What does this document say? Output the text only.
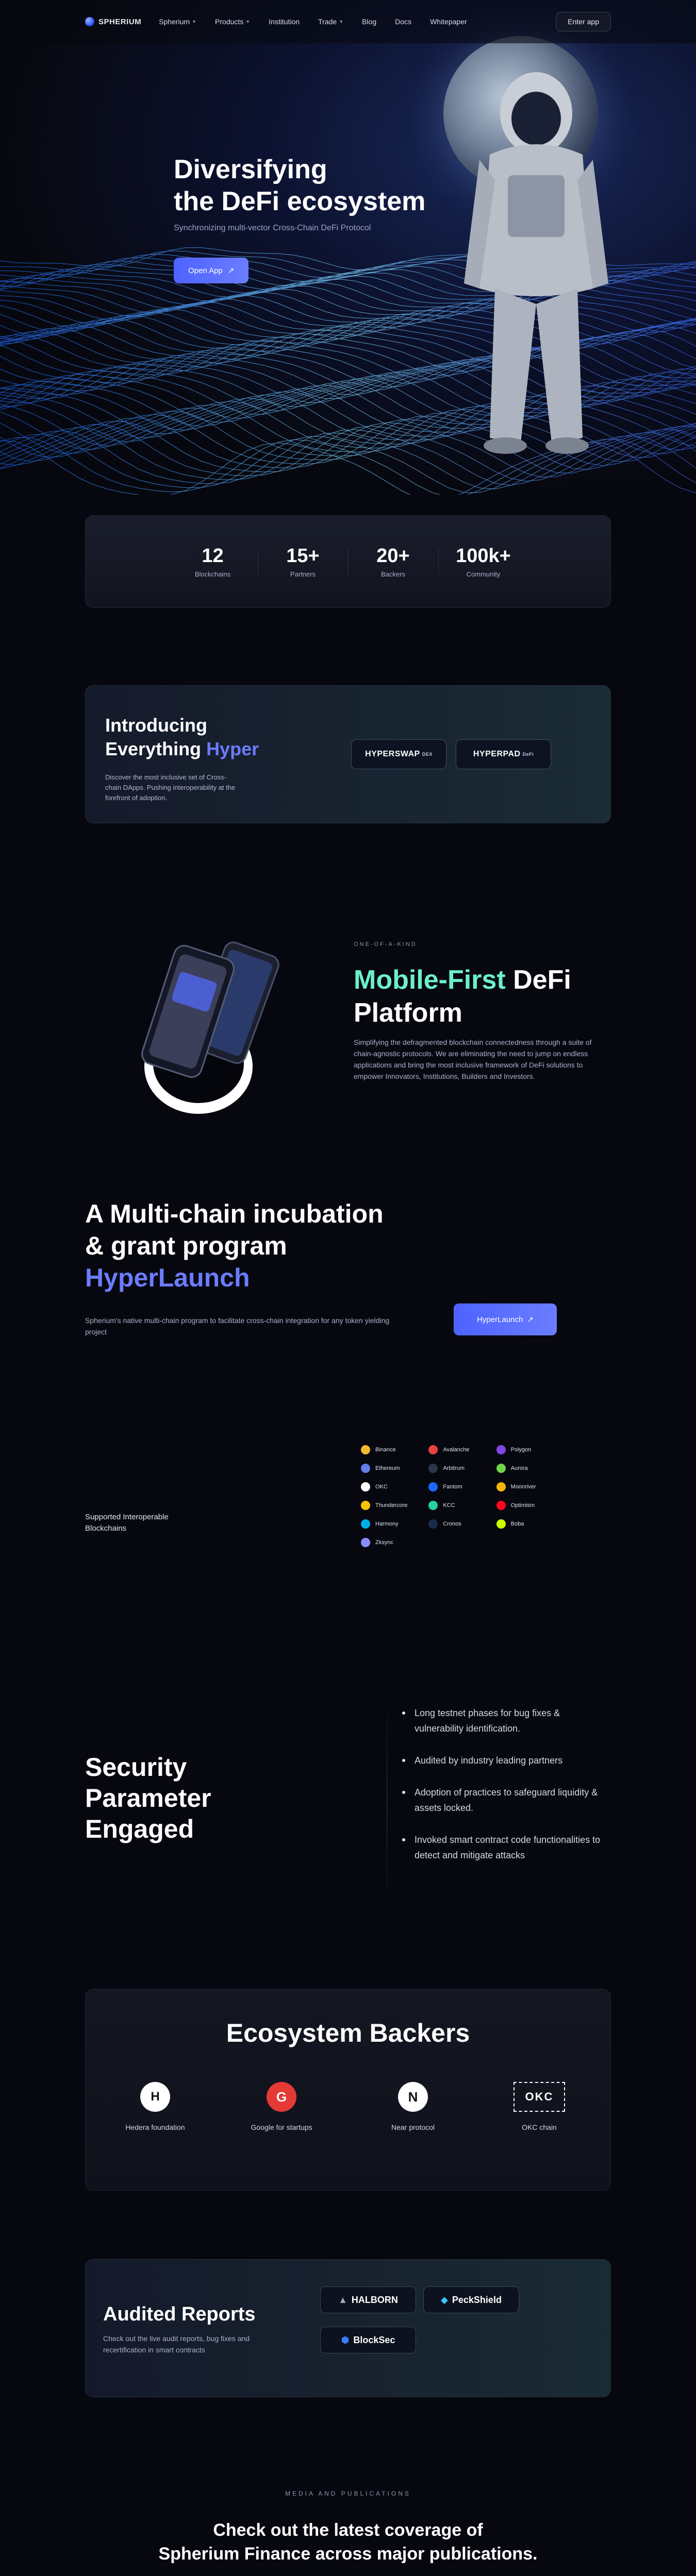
SPHERIUM Spherium ▼	Products ▼	Institution	Trade ▼	Blog	Docs	Whitepaper	Enter app
Diversifying
the DeFi ecosystem
Synchronizing multi-vector Cross-Chain DeFi Protocol
Open App ↗
12
Blockchains
15+
Partners
20+
Backers
100k+
Community
Introducing
Everything Hyper
Discover the most inclusive set of Cross-chain DApps. Pushing interoperability at the forefront of adoption.
HYPERSWAP DEX	HYPERPAD DeFi
ONE-OF-A-KIND
Mobile-First DeFi
Platform
Simplifying the defragmented blockchain connectedness through a suite of chain-agnostic protocols. We are eliminating the need to jump on endless applications and bring the most inclusive framework of DeFi solutions to empower Innovators, Institutions, Builders and Investors.
A Multi-chain incubation
& grant program
HyperLaunch
Spherium's native multi-chain program to facilitate cross-chain integration for any token yielding project
HyperLaunch ↗
Supported Interoperable Blockchains
Binance	Avalanche	Polygon
Ethereum	Arbitrum	Aurora
OKC	Fantom	Moonriver
Thundercore	KCC	Optimism
Harmony	Cronos	Boba
Zksync
Security
Parameter
Engaged
Long testnet phases for bug fixes & vulnerability identification.
Audited by industry leading partners
Adoption of practices to safeguard liquidity & assets locked.
Invoked smart contract code functionalities to detect and mitigate attacks
Ecosystem Backers
H
Hedera foundation
G
Google for startups
N
Near protocol
OKC
OKC chain
Audited Reports
Check out the live audit reports, bug fixes and recertification in smart contracts
▲ HALBORN	◆ PeckShield
⬢ BlockSec
MEDIA AND PUBLICATIONS
Check out the latest coverage of
Spherium Finance across major publications.
